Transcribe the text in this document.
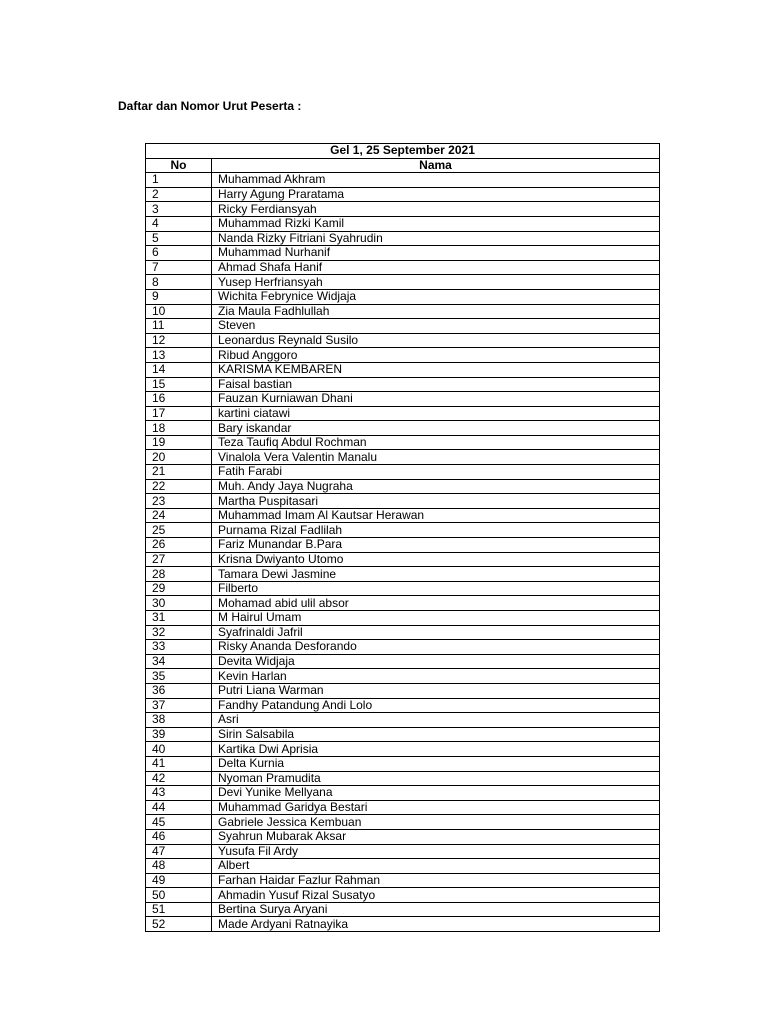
Daftar dan Nomor Urut Peserta :
Gel 1, 25 September 2021	
No	Nama
1	Muhammad Akhram
2	Harry Agung Praratama
3	Ricky Ferdiansyah
4	Muhammad Rizki Kamil
5	Nanda Rizky Fitriani Syahrudin
6	Muhammad Nurhanif
7	Ahmad Shafa Hanif
8	Yusep Herfriansyah
9	Wichita Febrynice Widjaja
10	Zia Maula Fadhlullah
11	Steven
12	Leonardus Reynald Susilo
13	Ribud Anggoro
14	KARISMA KEMBAREN
15	Faisal bastian
16	Fauzan Kurniawan Dhani
17	kartini ciatawi
18	Bary iskandar
19	Teza Taufiq Abdul Rochman
20	Vinalola Vera Valentin Manalu
21	Fatih Farabi
22	Muh. Andy Jaya Nugraha
23	Martha Puspitasari
24	Muhammad Imam Al Kautsar Herawan
25	Purnama Rizal Fadlilah
26	Fariz Munandar B.Para
27	Krisna Dwiyanto Utomo
28	Tamara Dewi Jasmine
29	Filberto
30	Mohamad abid ulil absor
31	M Hairul Umam
32	Syafrinaldi Jafril
33	Risky Ananda Desforando
34	Devita Widjaja
35	Kevin Harlan
36	Putri Liana Warman
37	Fandhy Patandung Andi Lolo
38	Asri
39	Sirin Salsabila
40	Kartika Dwi Aprisia
41	Delta Kurnia
42	Nyoman Pramudita
43	Devi Yunike Mellyana
44	Muhammad Garidya Bestari
45	Gabriele Jessica Kembuan
46	Syahrun Mubarak Aksar
47	Yusufa Fil Ardy
48	Albert
49	Farhan Haidar Fazlur Rahman
50	Ahmadin Yusuf Rizal Susatyo
51	Bertina Surya Aryani
52	Made Ardyani Ratnayika
